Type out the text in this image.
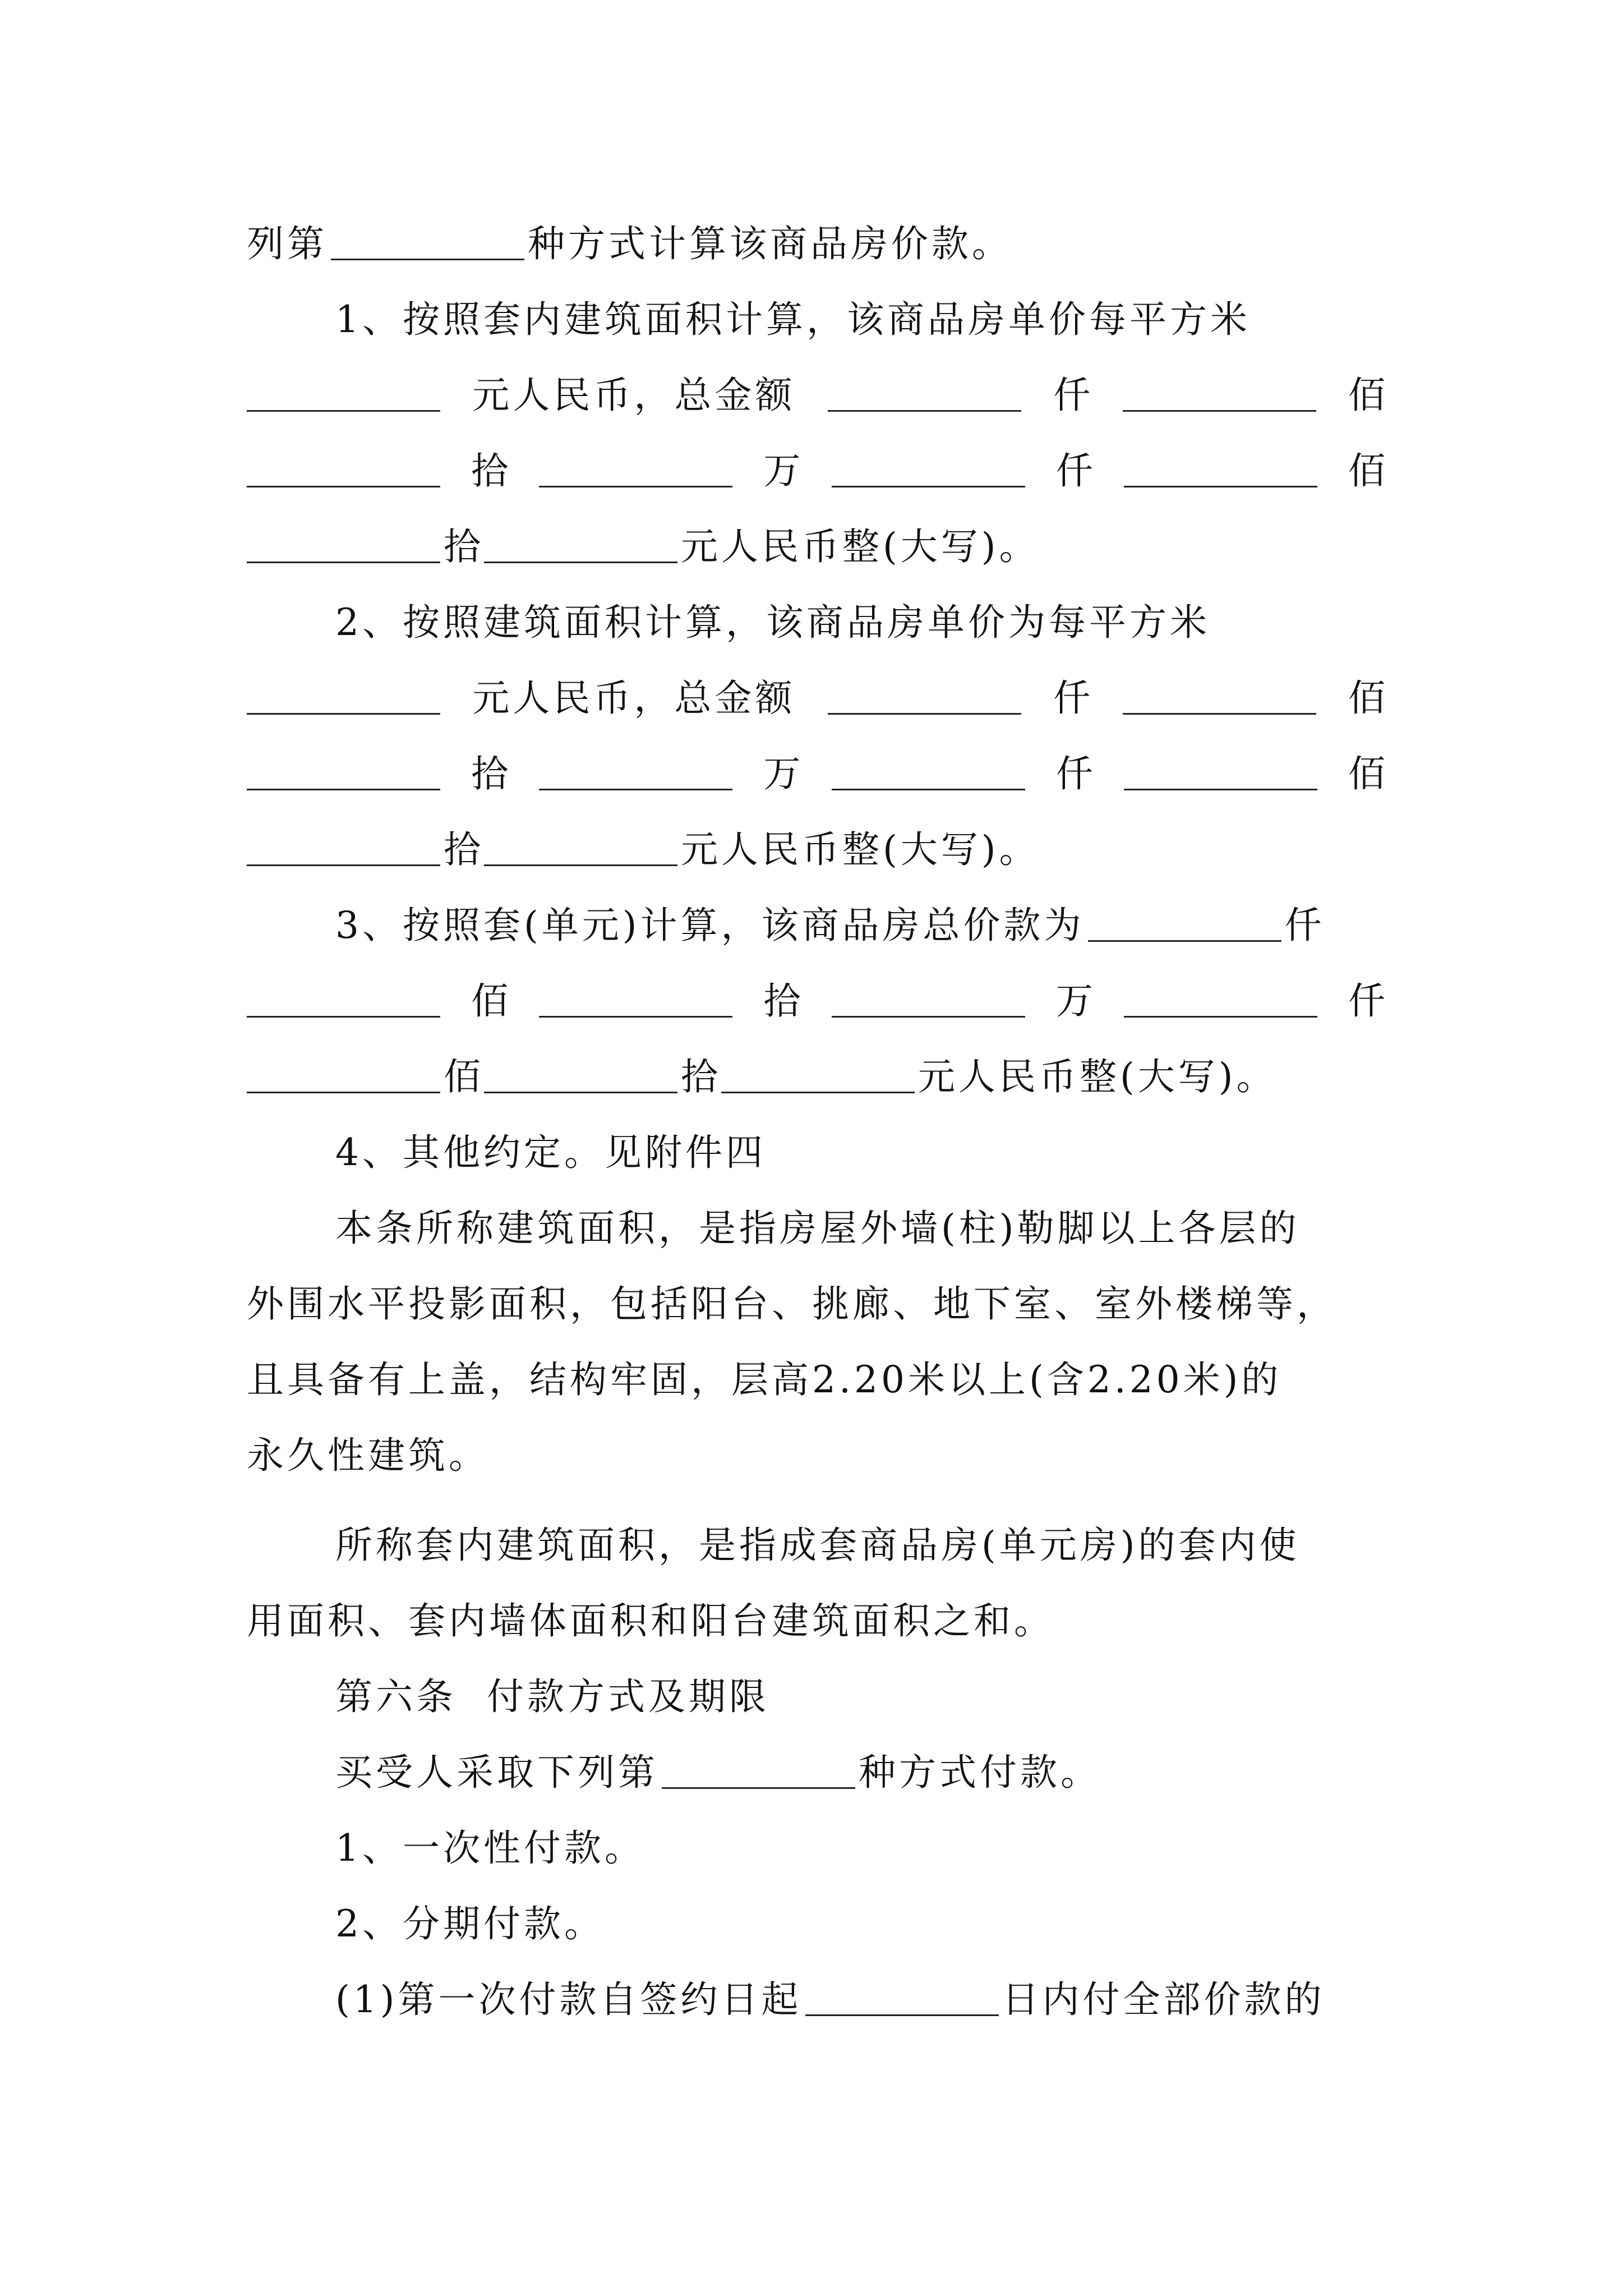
列第	种方式计算该商品房价款。
1、按照套内建筑面积计算，该商品房单价每平方米
元人民币，总金额	仟	佰
拾	万	仟	佰
拾	元人民币整(大写)。
2、按照建筑面积计算，该商品房单价为每平方米
元人民币，总金额	仟	佰
拾	万	仟	佰
拾	元人民币整(大写)。
3、按照套(单元)计算，该商品房总价款为	仟
佰	拾	万	仟
佰	拾	元人民币整(大写)。
4、其他约定。见附件四
本条所称建筑面积，是指房屋外墙(柱)勒脚以上各层的
外围水平投影面积，包括阳台、挑廊、地下室、室外楼梯等，
且具备有上盖，结构牢固，层高2.20米以上(含2.20米)的
永久性建筑。
所称套内建筑面积，是指成套商品房(单元房)的套内使
用面积、套内墙体面积和阳台建筑面积之和。
第六条  付款方式及期限
买受人采取下列第	种方式付款。
1、一次性付款。
2、分期付款。
(1)第一次付款自签约日起	日内付全部价款的
